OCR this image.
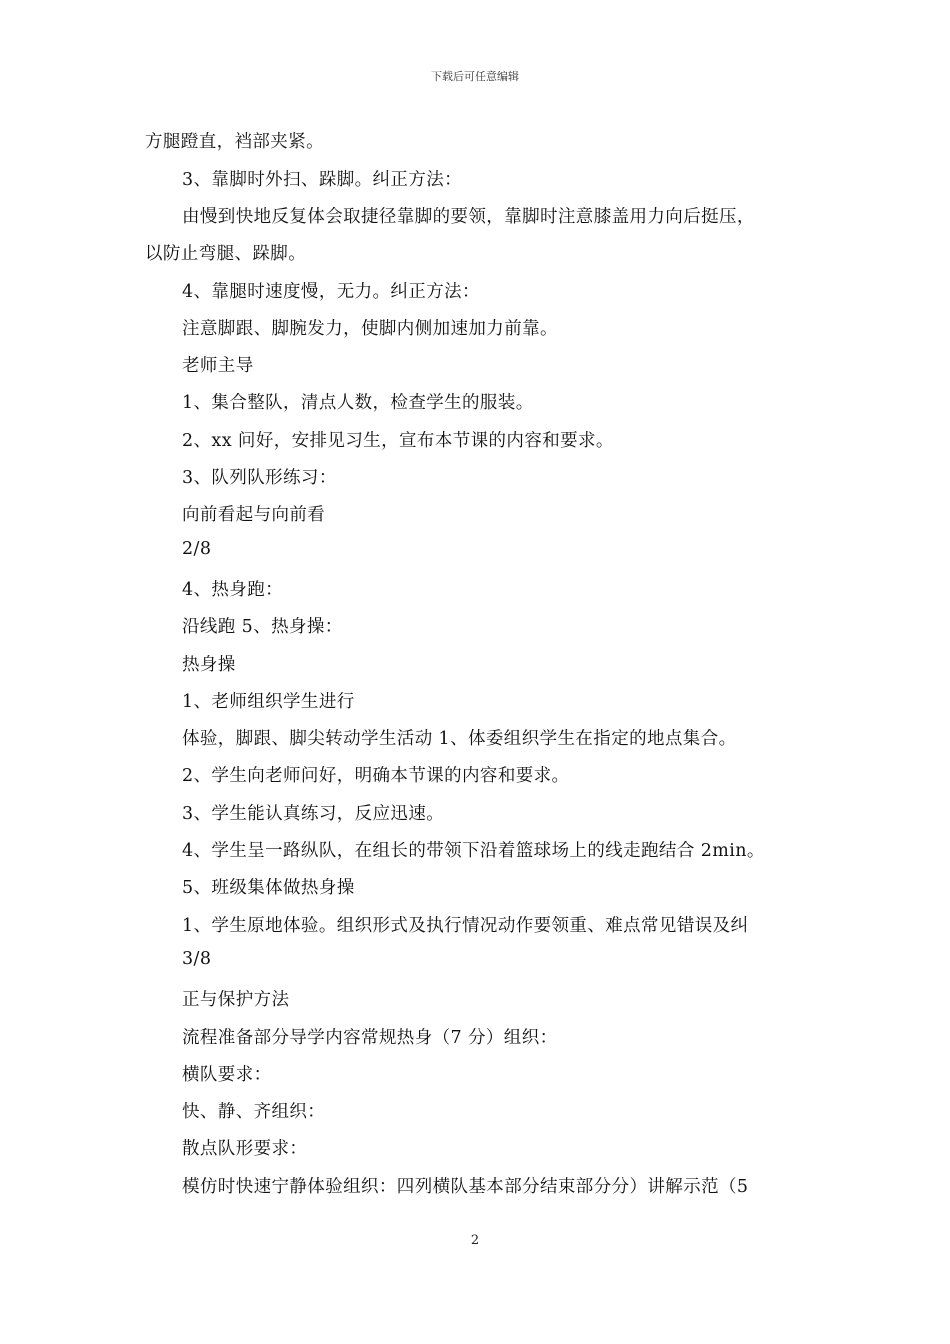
下载后可任意编辑
方腿蹬直，裆部夹紧。
3、靠脚时外扫、跺脚。纠正方法：
由慢到快地反复体会取捷径靠脚的要领，靠脚时注意膝盖用力向后挺压，
以防止弯腿、跺脚。
4、靠腿时速度慢，无力。纠正方法：
注意脚跟、脚腕发力，使脚内侧加速加力前靠。
老师主导
1、集合整队，清点人数，检查学生的服装。
2、xx 问好，安排见习生，宣布本节课的内容和要求。
3、队列队形练习：
向前看起与向前看
2/8
4、热身跑：
沿线跑 5、热身操：
热身操
1、老师组织学生进行
体验，脚跟、脚尖转动学生活动 1、体委组织学生在指定的地点集合。
2、学生向老师问好，明确本节课的内容和要求。
3、学生能认真练习，反应迅速。
4、学生呈一路纵队，在组长的带领下沿着篮球场上的线走跑结合 2min。
5、班级集体做热身操
1、学生原地体验。组织形式及执行情况动作要领重、难点常见错误及纠
3/8
正与保护方法
流程准备部分导学内容常规热身（7 分）组织：
横队要求：
快、静、齐组织：
散点队形要求：
模仿时快速宁静体验组织：四列横队基本部分结束部分分）讲解示范（5
2
